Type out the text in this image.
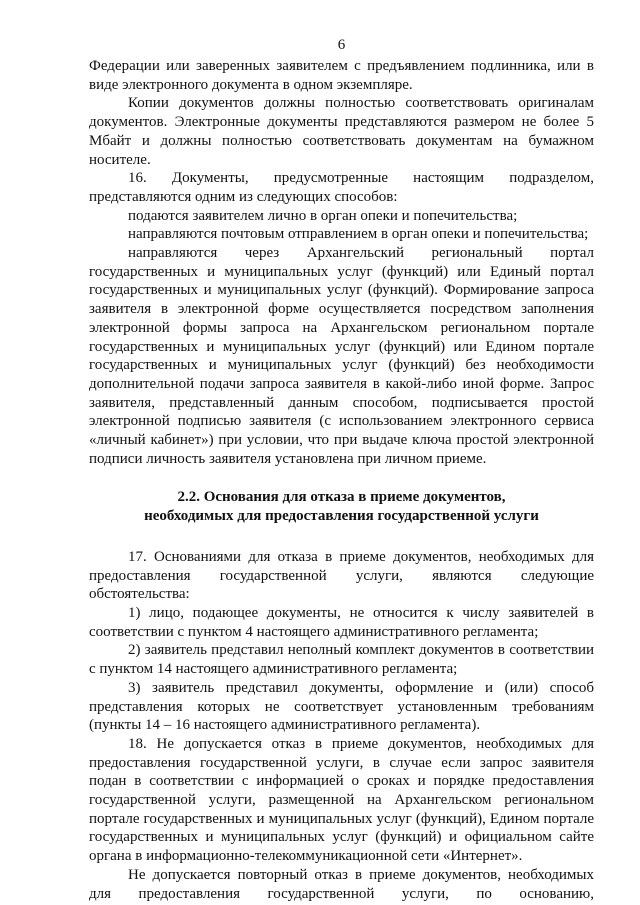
6

Федерации или заверенных заявителем с предъявлением подлинника, или в виде электронного документа в одном экземпляре.

Копии документов должны полностью соответствовать оригиналам документов. Электронные документы представляются размером не более 5 Мбайт и должны полностью соответствовать документам на бумажном носителе.

16. Документы, предусмотренные настоящим подразделом, представляются одним из следующих способов:

подаются заявителем лично в орган опеки и попечительства;

направляются почтовым отправлением в орган опеки и попечительства;

направляются через Архангельский региональный портал государственных и муниципальных услуг (функций) или Единый портал государственных и муниципальных услуг (функций). Формирование запроса заявителя в электронной форме осуществляется посредством заполнения электронной формы запроса на Архангельском региональном портале государственных и муниципальных услуг (функций) или Едином портале государственных и муниципальных услуг (функций) без необходимости дополнительной подачи запроса заявителя в какой-либо иной форме. Запрос заявителя, представленный данным способом, подписывается простой электронной подписью заявителя (с использованием электронного сервиса «личный кабинет») при условии, что при выдаче ключа простой электронной подписи личность заявителя установлена при личном приеме.

2.2. Основания для отказа в приеме документов,
необходимых для предоставления государственной услуги

17. Основаниями для отказа в приеме документов, необходимых для предоставления государственной услуги, являются следующие обстоятельства:

1) лицо, подающее документы, не относится к числу заявителей в соответствии с пунктом 4 настоящего административного регламента;

2) заявитель представил неполный комплект документов в соответствии с пунктом 14 настоящего административного регламента;

3) заявитель представил документы, оформление и (или) способ представления которых не соответствует установленным требованиям (пункты 14 – 16 настоящего административного регламента).

18. Не допускается отказ в приеме документов, необходимых для предоставления государственной услуги, в случае если запрос заявителя подан в соответствии с информацией о сроках и порядке предоставления государственной услуги, размещенной на Архангельском региональном портале государственных и муниципальных услуг (функций), Едином портале государственных и муниципальных услуг (функций) и официальном сайте органа в информационно-телекоммуникационной сети «Интернет».

Не допускается повторный отказ в приеме документов, необходимых для предоставления государственной услуги, по основанию,
